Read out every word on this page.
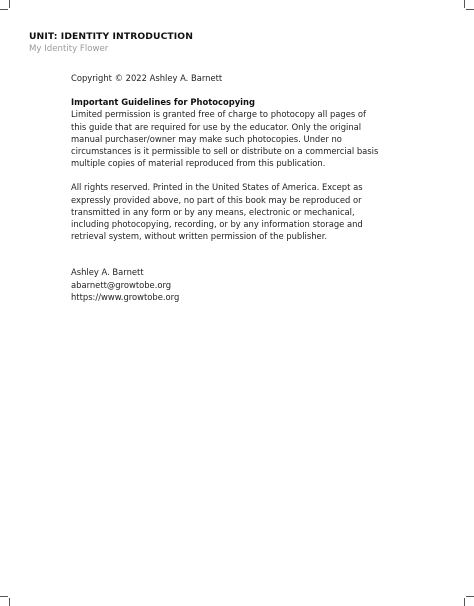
UNIT: IDENTITY INTRODUCTION
My Identity Flower

Copyright © 2022 Ashley A. Barnett

Important Guidelines for Photocopying

Limited permission is granted free of charge to photocopy all pages of

this guide that are required for use by the educator. Only the original

manual purchaser/owner may make such photocopies. Under no

circumstances is it permissible to sell or distribute on a commercial basis

multiple copies of material reproduced from this publication.

All rights reserved. Printed in the United States of America. Except as

expressly provided above, no part of this book may be reproduced or

transmitted in any form or by any means, electronic or mechanical,

including photocopying, recording, or by any information storage and

retrieval system, without written permission of the publisher.

Ashley A. Barnett

abarnett@growtobe.org

https://www.growtobe.org
